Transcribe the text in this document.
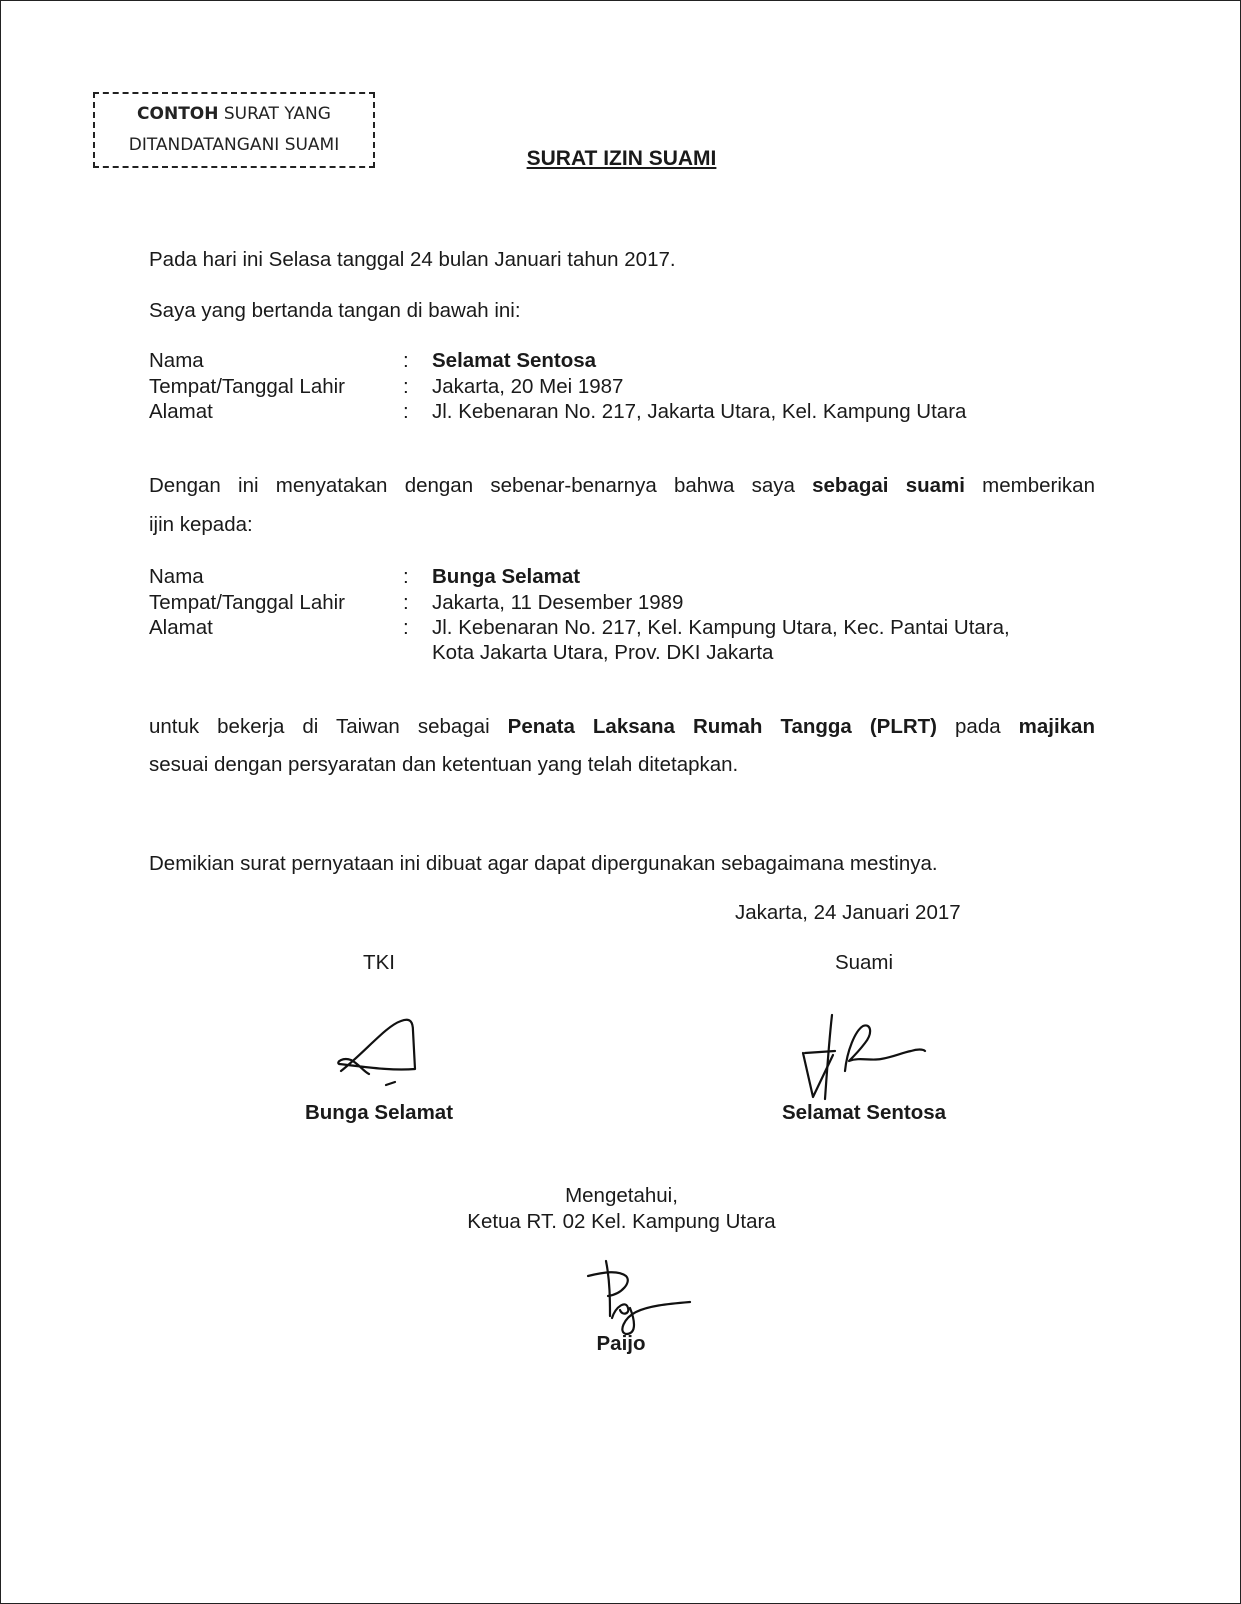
CONTOH SURAT YANG
DITANDATANGANI SUAMI
SURAT IZIN SUAMI
Pada hari ini Selasa tanggal 24 bulan Januari tahun 2017.
Saya yang bertanda tangan di bawah ini:
Nama	: Selamat Sentosa
Tempat/Tanggal Lahir	: Jakarta, 20 Mei 1987
Alamat	: Jl. Kebenaran No. 217, Jakarta Utara, Kel. Kampung Utara
Dengan ini menyatakan dengan sebenar-benarnya bahwa saya sebagai suami memberikan
ijin kepada:
Nama	: Bunga Selamat
Tempat/Tanggal Lahir	: Jakarta, 11 Desember 1989
Alamat	: Jl. Kebenaran No. 217, Kel. Kampung Utara, Kec. Pantai Utara,
Kota Jakarta Utara, Prov. DKI Jakarta
untuk bekerja di Taiwan sebagai Penata Laksana Rumah Tangga (PLRT) pada majikan
sesuai dengan persyaratan dan ketentuan yang telah ditetapkan.
Demikian surat pernyataan ini dibuat agar dapat dipergunakan sebagaimana mestinya.
Jakarta, 24 Januari 2017
TKI	Suami
Bunga Selamat	Selamat Sentosa
Mengetahui,
Ketua RT. 02 Kel. Kampung Utara
Paijo
